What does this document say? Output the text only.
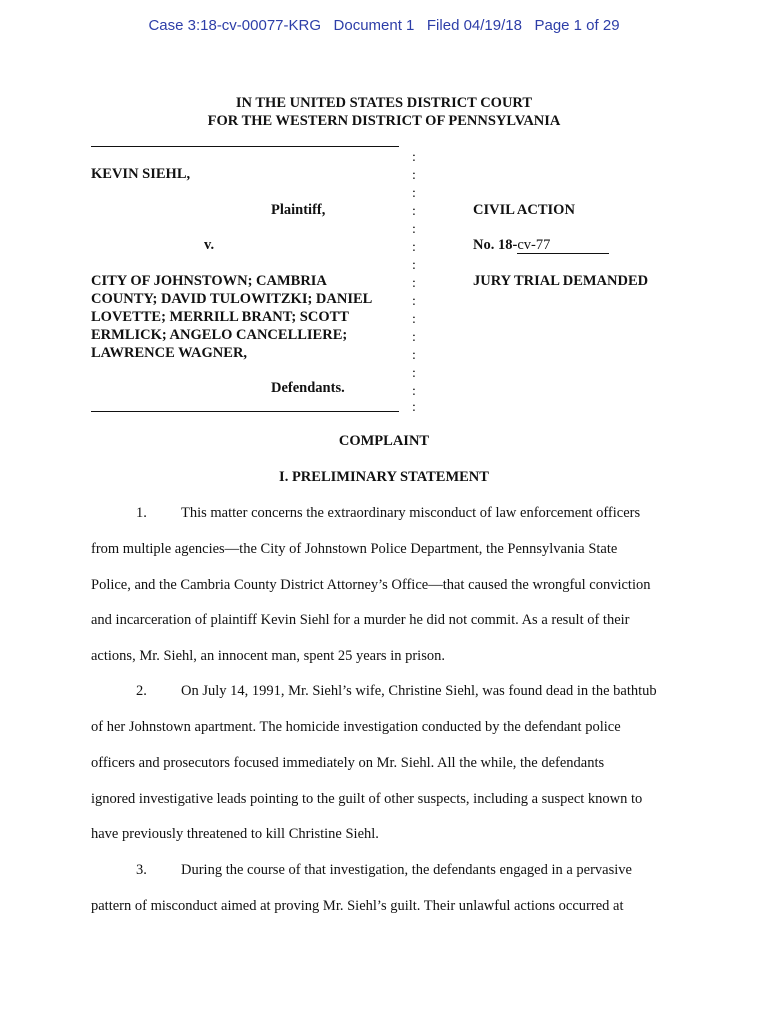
Case 3:18-cv-00077-KRG   Document 1   Filed 04/19/18   Page 1 of 29
IN THE UNITED STATES DISTRICT COURT
FOR THE WESTERN DISTRICT OF PENNSYLVANIA
:
:
:
:
:
:
:
:
:
:
:
:
:
:
:
KEVIN SIEHL,
Plaintiff,
v.
CITY OF JOHNSTOWN; CAMBRIA
COUNTY; DAVID TULOWITZKI; DANIEL
LOVETTE; MERRILL BRANT; SCOTT
ERMLICK; ANGELO CANCELLIERE;
LAWRENCE WAGNER,
Defendants.
CIVIL ACTION
No. 18-cv-77
JURY TRIAL DEMANDED
COMPLAINT
I. PRELIMINARY STATEMENT
1. This matter concerns the extraordinary misconduct of law enforcement officers
from multiple agencies—the City of Johnstown Police Department, the Pennsylvania State
Police, and the Cambria County District Attorney’s Office—that caused the wrongful conviction
and incarceration of plaintiff Kevin Siehl for a murder he did not commit. As a result of their
actions, Mr. Siehl, an innocent man, spent 25 years in prison.
2. On July 14, 1991, Mr. Siehl’s wife, Christine Siehl, was found dead in the bathtub
of her Johnstown apartment. The homicide investigation conducted by the defendant police
officers and prosecutors focused immediately on Mr. Siehl. All the while, the defendants
ignored investigative leads pointing to the guilt of other suspects, including a suspect known to
have previously threatened to kill Christine Siehl.
3. During the course of that investigation, the defendants engaged in a pervasive
pattern of misconduct aimed at proving Mr. Siehl’s guilt. Their unlawful actions occurred at
